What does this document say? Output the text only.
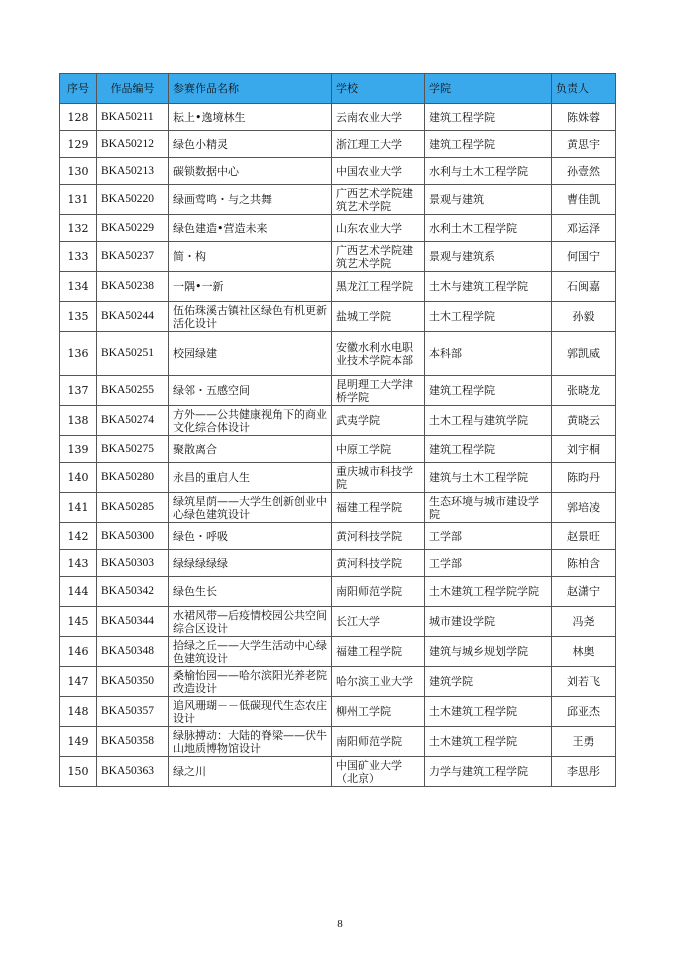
序号	作品编号	参赛作品名称	学校	学院	负责人
128	BKA50211	耘上•逸境林生	云南农业大学	建筑工程学院	陈姝蓉
129	BKA50212	绿色小精灵	浙江理工大学	建筑工程学院	黄思宇
130	BKA50213	碳锁数据中心	中国农业大学	水利与土木工程学院	孙壹然
131	BKA50220	绿画莺鸣・与之共舞	广西艺术学院建筑艺术学院	景观与建筑	曹佳凯
132	BKA50229	绿色建造•营造未来	山东农业大学	水利土木工程学院	邓运泽
133	BKA50237	简・构	广西艺术学院建筑艺术学院	景观与建筑系	何国宁
134	BKA50238	一隅•一新	黑龙江工程学院	土木与建筑工程学院	石闽嘉
135	BKA50244	伍佑珠溪古镇社区绿色有机更新活化设计	盐城工学院	土木工程学院	孙毅
136	BKA50251	校园绿建	安徽水利水电职业技术学院本部	本科部	郭凯威
137	BKA50255	绿邻・五感空间	昆明理工大学津桥学院	建筑工程学院	张晓龙
138	BKA50274	方外——公共健康视角下的商业文化综合体设计	武夷学院	土木工程与建筑学院	黄晓云
139	BKA50275	聚散离合	中原工学院	建筑工程学院	刘宇桐
140	BKA50280	永昌的重启人生	重庆城市科技学院	建筑与土木工程学院	陈昀丹
141	BKA50285	绿筑星荫——大学生创新创业中心绿色建筑设计	福建工程学院	生态环境与城市建设学院	郭培凌
142	BKA50300	绿色・呼吸	黄河科技学院	工学部	赵景旺
143	BKA50303	绿绿绿绿绿	黄河科技学院	工学部	陈柏含
144	BKA50342	绿色生长	南阳师范学院	土木建筑工程学院学院	赵潇宁
145	BKA50344	水裙风带—后疫情校园公共空间综合区设计	长江大学	城市建设学院	冯尧
146	BKA50348	拾绿之丘——大学生活动中心绿色建筑设计	福建工程学院	建筑与城乡规划学院	林奥
147	BKA50350	桑榆怡园——哈尔滨阳光养老院改造设计	哈尔滨工业大学	建筑学院	刘若飞
148	BKA50357	追风珊瑚－－低碳现代生态农庄设计	柳州工学院	土木建筑工程学院	邱亚杰
149	BKA50358	绿脉搏动：大陆的脊梁——伏牛山地质博物馆设计	南阳师范学院	土木建筑工程学院	王勇
150	BKA50363	绿之川	中国矿业大学（北京）	力学与建筑工程学院	李思彤
8
